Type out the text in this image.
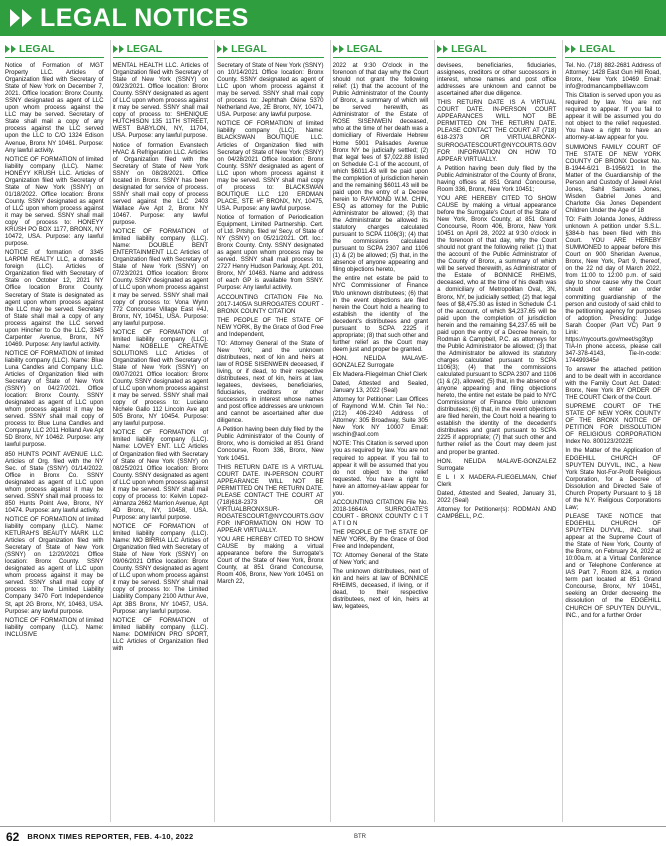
LEGAL NOTICES
LEGAL

Notice of Formation of MGT Property LLC. Articles of Organization filed with Secretary of State of New York on December 7, 2021. Office location: Bronx County. SSNY designated as agent of LLC upon whom process against the LLC may be served. Secretary of State shall mail a copy of any process against the LLC served upon the LLC to C/O 1324 Edison Avenue, Bronx NY 10461. Purpose: Any lawful activity.

NOTICE OF FORMATION of limited liability company (LLC). Name: HONEYY KRUSH LLC. Articles of Organization filed with Secretary of State of New York (SSNY) on 01/18/2022. Office location: Bronx County. SSNY designated as agent of LLC upon whom process against it may be served. SSNY shall mail copy of process to: HONEYY KRUSH PO BOX 1177, BRONX, NY 10472, USA. Purpose: any lawful purpose.

NOTICE of formation of 3345 LARPIM REALTY LLC, a domestic foreign (LLC). Articles of Organization filed with Secretary of State on October 12, 2021 NY Office location Bronx County. Secretary of State is designated as agent upon whom process against the LLC may be served. Secretary of State shall mail a copy of any process against the LLC served upon Hincher to Co the LLC, 3345 Carpenter Avenue, Bronx, NY 10469. Purpose: Any lawful activity.

NOTICE OF FORMATION of limited liability company (LLC). Name: Blue Luna Candles and Company LLC. Articles of Organization filed with Secretary of State of New York (SSNY) on 04/27/2021. Office location: Bronx County. SSNY designated as agent of LLC upon whom process against it may be served. SSNY shall mail copy of process to: Blue Luna Candles and Company LLC 2011 Holland Ave Apt 5D Bronx, NY 10462. Purpose: any lawful purpose.

850 HUNTS POINT AVENUE LLC. Articles of Org. filed with the NY Sec. of State (SSNY) 01/14/2022. Office in Bronx Co. SSNY designated as agent of LLC upon whom process against it may be served. SSNY shall mail process to: 850 Hunts Point Ave, Bronx, NY 10474. Purpose: any lawful activity.

NOTICE OF FORMATION of limited liability company (LLC). Name: KETURAH'S BEAUTY MARK LLC Articles of Organization filed with Secretary of State of New York (SSNY) on 12/20/2021 Office location: Bronx County. SSNY designated as agent of LLC upon whom process against it may be served. SSNY shall mail copy of process to: The Limited Liability Company 3470 Fort Independence St, apt 2G Bronx, NY, 10463, USA. Purpose: any lawful purpose.

NOTICE OF FORMATION of limited liability company (LLC). Name: INCLUSIVE

LEGAL

MENTAL HEALTH LLC. Articles of Organization filed with Secretary of State of New York (SSNY) on 09/23/2021. Office location: Bronx County. SSNY designated as agent of LLC upon whom process against it may be served. SSNY shall mail copy of process to: SHENIQUE HUTCHISON 135 11TH STREET, WEST BABYLON, NY, 11704, USA. Purpose: any lawful purpose.

Notice of formation Evanstech HVAC & Refrigeration LLC. Articles of Organization filed with the Secretary of State of New York SSNY on 08/28/2021. Office located in Bronx. SSNY has been designated for service of process. SSNY shall mail copy of process served against the LLC 2403 Wallace Ave Apt 2, Bronx NY 10467. Purpose: any lawful purpose.

NOTICE OF FORMATION of limited liability company (LLC). Name: DOUBLE BENT ENTERTAINMENT LLC Articles of Organization filed with Secretary of State of New York (SSNY) on 07/23/2021 Office location: Bronx County. SSNY designated as agent of LLC upon whom process against it may be served. SSNY shall mail copy of process to: Vona Wynn 772 Concourse Village East #4J, Bronx, NY, 10451, USA. Purpose: any lawful purpose.

NOTICE OF FORMATION of limited liability company (LLC). Name: NOBELLE CREATIVE SOLUTIONS LLC Articles of Organization filed with Secretary of State of New York (SSNY) on 09/07/2021 Office location: Bronx County. SSNY designated as agent of LLC upon whom process against it may be served. SSNY shall mail copy of process to: Luciano Nichele Gallo 112 Lincoln Ave apt 505 Bronx, NY 10454. Purpose: any lawful purpose.

NOTICE OF FORMATION of limited liability company (LLC). Name: LOVEY ENT. LLC Articles of Organization filed with Secretary of State of New York (SSNY) on 08/25/2021 Office location: Bronx County. SSNY designated as agent of LLC upon whom process against it may be served. SSNY shall mail copy of process to: Kelvin Lopez-Almanza 2662 Marrion Avenue, Apt 4D Bronx, NY, 10458, USA. Purpose: any lawful purpose.

NOTICE OF FORMATION of limited liability company (LLC). Name: MO BIRRIA LLC Articles of Organization filed with Secretary of State of New York (SSNY) on 09/06/2021 Office location: Bronx County. SSNY designated as agent of LLC upon whom process against it may be served. SSNY shall mail copy of process to: The Limited Liability Company 2100 Arthur Ave, Apt 3BS Bronx, NY 10457, USA. Purpose: any lawful purpose.

NOTICE OF FORMATION of limited liability company (LLC). Name: DOMINION PRO SPORT, LLC Articles of Organization filed with

LEGAL

Secretary of State of New York (SSNY) on 10/14/2021 Office location: Bronx County. SSNY designated as agent of LLC upon whom process against it may be served. SSNY shall mail copy of process to: Jephthah Okine 5370 Netherland Ave, 2E Bronx, NY, 10471, USA. Purpose: any lawful purpose.

NOTICE OF FORMATION of limited liability company (LLC). Name: BLACKSWAN BOUTIQUE LLC. Articles of Organization filed with Secretary of State of New York (SSNY) on 04/28/2021 Office location: Bronx County. SSNY designated as agent of LLC upon whom process against it may be served. SSNY shall mail copy of process to: BLACKSWAN BOUTIQUE LLC 120 ERDMAN PLACE, STE #F BRONX, NY, 10475, USA. Purpose: any lawful purpose.

Notice of formation of Periodication Equipment, Limited Partnership. Cert. of Ltd. Prtshp. filed w/ Secy. of State of NY (SSNY) on 05/21/2021. Off. loc.: Bronx County. Cnty. SSNY designated as agent upon whom process may be served. SSNY shall mail process to: 2727 Henry Hudson Parkway, Apt. 201, Bronx, NY 10463. Name and address of each GP is available from SSNY. Purpose: Any lawful activity.

ACCOUNTING CITATION File No. 2017-1405/A SURROGATES COURT - BRONX COUNTY CITATION

THE PEOPLE OF THE STATE OF NEW YORK, By the Grace of God Free and Independent,

TO: Attorney General of the State of New York; and the unknown distributees, next of kin and heirs at law of ROSE SISENWEIN deceased, if living, or if dead, to their respective distributees, next of kin, heirs at law, legatees, devisees, beneficiaries, fiduciaries, creditors or other successors in interest whose names and post office addresses are unknown and cannot be ascertained after due diligence.

A Petition having been duly filed by the Public Administrator of the County of Bronx, who is domiciled at 851 Grand Concourse, Room 336, Bronx, New York 10451.

THIS RETURN DATE IS A VIRTUAL COURT DATE. IN-PERSON COURT APPEARANCE WILL NOT BE PERMITTED ON THE RETURN DATE. PLEASE CONTACT THE COURT AT (718)618-2373 OR VIRTUALBRONXSUR-ROGATESCOURT@NYCOURTS.GOV FOR INFORMATION ON HOW TO APPEAR VIRTUALLY.

YOU ARE HEREBY CITED TO SHOW CAUSE by making a virtual appearance before the Surrogate's Court of the State of New York, Bronx County, at 851 Grand Concourse, Room 406, Bronx, New York 10451 on March 22,

LEGAL

2022 at 9:30 O'clock in the forenoon of that day why the Court should not grant the following relief: (1) that the account of the Public Administrator of the County of Bronx, a summary of which will be served herewith, as Administrator of the Estate of ROSE SISENWEIN deceased, who at the time of her death was a domiciliary of Riverdale Hebrew Home 5901 Palisades Avenue Bronx NY be judicially settled; (2) that legal fees of $7,022.88 listed on Schedule C-1 of the account, of which $6011.43 will be paid upon the completion of jurisdiction herein and the remaining $6011.43 will be paid upon the entry of a Decree herein to RAYMOND W.M. CHIN, ESQ as attorney for the Public Administrator be allowed; (3) that the Administrator be allowed its statutory charges calculated pursuant to SCPA 1106(3); (4) that the commissions calculated pursuant to SCPA 2307 and 1106 (1) & (2) be allowed; (5) that, in the absence of anyone appearing and filing objections hereto,

the entire net estate be paid to NYC Commissioner of Finance f/b/o unknown distributees; (6) that in the event objections are filed herein the Court hold a hearing to establish the identity of the decedent's distributees and grant pursuant to SCPA 2225 if appropriate; (8) that such other and further relief as the Court may deem just and proper be granted.

HON. NELIDA MALAVE-GONZALEZ Surrogate

Elx Madera-Fliegelman Chief Clerk

Dated, Attested and Sealed, January 13, 2022 (Seal)

Attorney for Petitioner: Law Offices of Raymond W.M. Chin Tel No.: (212) 406-2240 Address of Attorney: 305 Broadway, Suite 305 New York NY 10007 Email: wschin@aol.com

NOTE: This Citation is served upon you as required by law. You are not required to appear. If you fail to appear it will be assumed that you do not object to the relief requested. You have a right to have an attorney-at-law appear for you.

ACCOUNTING CITATION File No. 2018-1664/A SURROGATE'S COURT - BRONX COUNTY C I T A T I O N

THE PEOPLE OF THE STATE OF NEW YORK, By the Grace of God Free and Independent,

TO: Attorney General of the State of New York; and

The unknown distributees, next of kin and heirs at law of BONNICE RHEIMS, deceased, if living, or if dead, to their respective distributees, next of kin, heirs at law, legatees,

LEGAL

devisees, beneficiaries, fiduciaries, assignees, creditors or other successors in interest, whose names and post office addresses are unknown and cannot be ascertained after due diligence.

THIS RETURN DATE IS A VIRTUAL COURT DATE. IN-PERSON COURT APPEARANCES WILL NOT BE PERMITTED ON THE RETURN DATE. PLEASE CONTACT THE COURT AT (718) 618-2373 OR VIRTUALBRONX-SURROGATESCOURT@NYCOURTS.GOV FOR INFORMATION ON HOW TO APPEAR VIRTUALLY.

A Petition having been duly filed by the Public Administrator of the County of Bronx, having offices at 851 Grand Concourse, Room 336, Bronx, New York 10451;

YOU ARE HEREBY CITED TO SHOW CAUSE by making a virtual appearance before the Surrogate's Court of the State of New York, Bronx County, at 851 Grand Concourse, Room 406, Bronx, New York 10451 on April 28, 2022 at 9:30 o'clock in the forenoon of that day, why the Court should not grant the following relief: (1) that the account of the Public Administrator of the County of Bronx, a summary of which will be served therewith, as Administrator of the Estate of BONNICE RHEIMS, deceased, who at the time of his death was a domiciliary of Metropolitan Oval, 3N, Bronx, NY, be judicially settled; (2) that legal fees of $8,475.30 as listed in Schedule C-1 of the account, of which $4,237.65 will be paid upon the completion of jurisdiction herein and the remaining $4,237.65 will be paid upon the entry of a Decree herein, to Rodman & Campbell, P.C. as attorneys for the Public Administrator be allowed; (3) that the Administrator be allowed its statutory charges calculated pursuant to SCPA 1106(3); (4) that the commissions calculated pursuant to SCPA 2307 and 1106 (1) & (2), allowed; (5) that, in the absence of anyone appearing and filing objections hereto, the entire net estate be paid to NYC Commissioner of Finance f/b/o unknown distributees; (6) that, in the event objections are filed herein, the Court hold a hearing to establish the identity of the decedent's distributees and grant pursuant to SCPA 2225 if appropriate; (7) that such other and further relief as the Court may deem just and proper be granted.

HON. NELIDA MALAVE-GONZALEZ Surrogate

E L I X MADERA-FLIEGELMAN, Chief Clerk

Dated, Attested and Sealed, January 31, 2022 (Seal)

Attorney for Petitioner(s): RODMAN AND CAMPBELL, P.C.

LEGAL

Tel. No. (718) 882-2681 Address of Attorney: 1428 East Gun Hill Road, Bronx, New York 10469 Email: info@rodmancampbelllaw.com

This Citation is served upon you as required by law. You are not required to appear. If you fail to appear it will be assumed you do not object to the relief requested. You have a right to have an attorney-at-law appear for you.

SUMMONS FAMILY COURT OF THE STATE OF NEW YORK COUNTY OF BRONX Docket No. B-1944-6/21 B-1956/21 In the Matter of the Guardianship of the Person and Custody of Jewel Ariel Jones, Sahil Samuels Jones, Wisden Gabriel Jones and Charlotte Gia Jones Dependent Children Under the Age of 18

TO: Faith Jolanda Jones, Address unknown A petition under S.S.L. §384-b has been filed with this Court. YOU ARE HEREBY SUMMONED to appear before this Court on 900 Sheridan Avenue, Bronx, New York, Part 9, thereof, on the 22 nd day of March 2022, from 11:00 to 12:00 p.m. of said day to show cause why the Court should not enter an order committing guardianship of the person and custody of said child to the petitioning agency for purposes of adoption. Presiding: Judge Sarah Cooper (Part VC) Part 9 Link: https://nycourts.gov/meet/sg3typ TIA-In phone access, please call 347-378-4143, Tie-In-code: 174499345#

To answer the attached petition and to be dealt with in accordance with the Family Court Act. Dated: Bronx, New York BY ORDER OF THE COURT Clerk of the Court.

SUPREME COURT OF THE STATE OF NEW YORK COUNTY OF THE BRONX NOTICE OF PETITION FOR DISSOLUTION OF RELIGIOUS CORPORATION Index No. 800123/2022E

In the Matter of the Application of EDGEHILL CHURCH OF SPUYTEN DUYVIL, INC., a New York State Not-For-Profit Religious Corporation, for a Decree of Dissolution and Directed Sale of Church Property Pursuant to § 18 of the N.Y. Religious Corporations Law;

PLEASE TAKE NOTICE that EDGEHILL CHURCH OF SPUYTEN DUYVIL, INC. shall appear at the Supreme Court of the State of New York, County of the Bronx, on February 24, 2022 at 10:00a.m. at a Virtual Conference and or Telephone Conference at IAS Part 7, Room 824, a motion term part located at 851 Grand Concourse, Bronx, NY 10451, seeking an Order decreeing the dissolution of the EDGEHILL CHURCH OF SPUYTEN DUYVIL, INC., and for a further Order

62 BRONX TIMES REPORTER, FEB. 4-10, 2022	BTR
